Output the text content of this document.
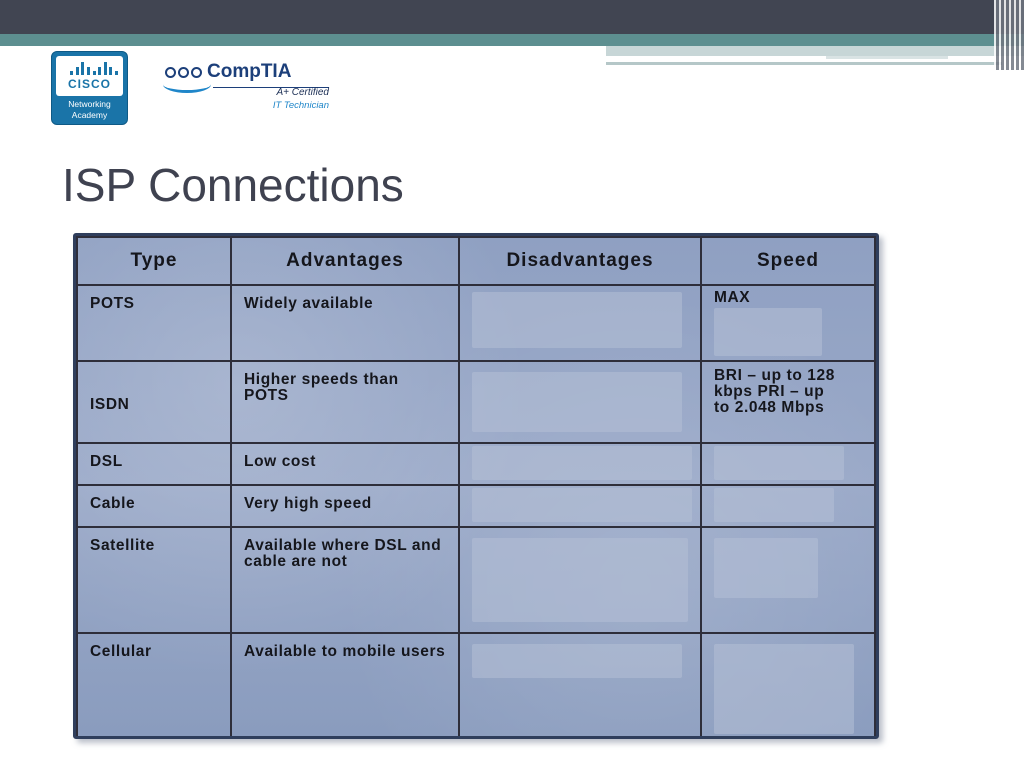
CISCO
Networking
Academy
CompTIA
A+ Certified
IT Technician
ISP Connections
Type	Advantages	Disadvantages	Speed
POTS	Widely available		MAX

ISDN	Higher speeds than POTS		BRI – up to 128 kbps PRI – up to 2.048 Mbps
DSL	Low cost	

Cable	Very high speed	

Satellite	Available where DSL and cable are not	

Cellular	Available to mobile users	
